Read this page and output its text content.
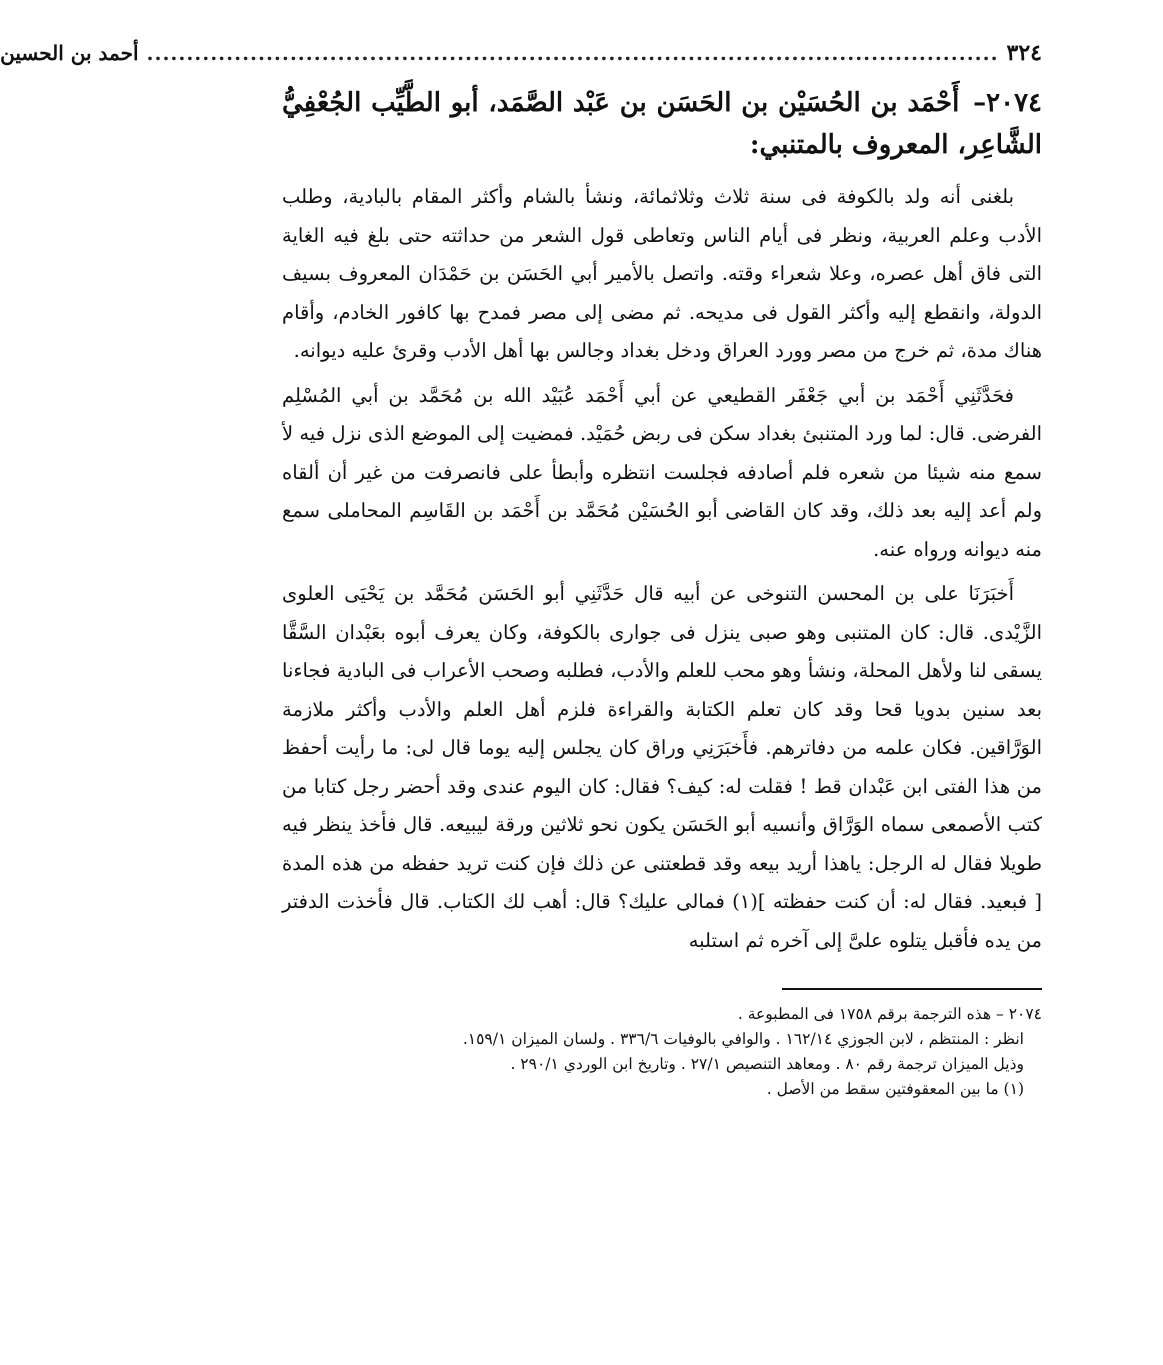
٣٢٤
...........................................................................................................
أحمد بن الحسين
٢٠٧٤– أَحْمَد بن الحُسَيْن بن الحَسَن بن عَبْد الصَّمَد، أبو الطَّيِّب الجُعْفِيُّ الشَّاعِر، المعروف بالمتنبي:

بلغنى أنه ولد بالكوفة فى سنة ثلاث وثلاثمائة، ونشأ بالشام وأكثر المقام بالبادية، وطلب الأدب وعلم العربية، ونظر فى أيام الناس وتعاطى قول الشعر من حداثته حتى بلغ فيه الغاية التى فاق أهل عصره، وعلا شعراء وقته. واتصل بالأمير أبي الحَسَن بن حَمْدَان المعروف بسيف الدولة، وانقطع إليه وأكثر القول فى مديحه. ثم مضى إلى مصر فمدح بها كافور الخادم، وأقام هناك مدة، ثم خرج من مصر وورد العراق ودخل بغداد وجالس بها أهل الأدب وقرئ عليه ديوانه.

فحَدَّثَنِي أَحْمَد بن أبي جَعْفَر القطيعي عن أبي أَحْمَد عُبَيْد الله بن مُحَمَّد بن أبي المُسْلِم الفرضى. قال: لما ورد المتنبئ بغداد سكن فى ربض حُمَيْد. فمضيت إلى الموضع الذى نزل فيه لأ سمع منه شيئا من شعره فلم أصادفه فجلست انتظره وأبطأ على فانصرفت من غير أن ألقاه ولم أعد إليه بعد ذلك، وقد كان القاضى أبو الحُسَيْن مُحَمَّد بن أَحْمَد بن القَاسِم المحاملى سمع منه ديوانه ورواه عنه.

أَخبَرَنَا على بن المحسن التنوخى عن أبيه قال حَدَّثَنِي أبو الحَسَن مُحَمَّد بن يَحْيَى العلوى الزَّيْدى. قال: كان المتنبى وهو صبى ينزل فى جوارى بالكوفة، وكان يعرف أبوه بعَبْدان السَّقَّا يسقى لنا ولأهل المحلة، ونشأ وهو محب للعلم والأدب، فطلبه وصحب الأعراب فى البادية فجاءنا بعد سنين بدويا قحا وقد كان تعلم الكتابة والقراءة فلزم أهل العلم والأدب وأكثر ملازمة الوَرَّاقين. فكان علمه من دفاترهم. فأَخبَرَنِي وراق كان يجلس إليه يوما قال لى: ما رأيت أحفظ من هذا الفتى ابن عَبْدان قط ! فقلت له: كيف؟ فقال: كان اليوم عندى وقد أحضر رجل كتابا من كتب الأصمعى سماه الوَرَّاق وأنسيه أبو الحَسَن يكون نحو ثلاثين ورقة ليبيعه. قال فأخذ ينظر فيه طويلا فقال له الرجل: ياهذا أريد بيعه وقد قطعتنى عن ذلك فإن كنت تريد حفظه من هذه المدة [ فبعيد. فقال له: أن كنت حفظته ](١) فمالى عليك؟ قال: أهب لك الكتاب. قال فأخذت الدفتر من يده فأقبل يتلوه علىَّ إلى آخره ثم استلبه

٢٠٧٤ – هذه الترجمة برقم ١٧٥٨ فى المطبوعة .

انظر : المنتظم ، لابن الجوزي ١٦٢/١٤ . والوافي بالوفيات ٣٣٦/٦ . ولسان الميزان ١٥٩/١.

وذيل الميزان ترجمة رقم ٨٠ . ومعاهد التنصيص ٢٧/١ . وتاريخ ابن الوردي ٢٩٠/١ .

(١) ما بين المعقوفتين سقط من الأصل .
